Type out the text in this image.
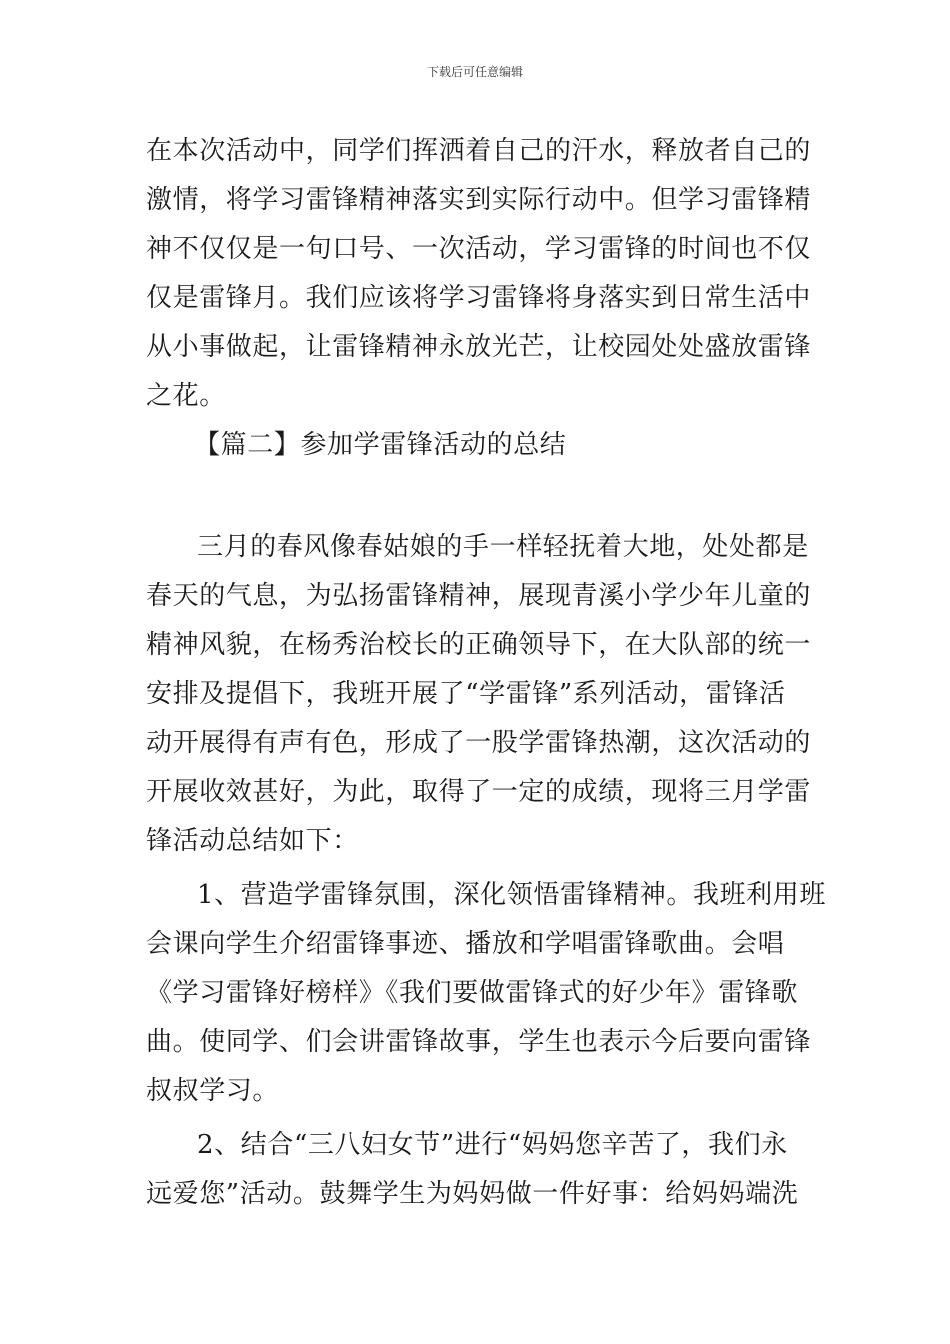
下载后可任意编辑
在本次活动中，同学们挥洒着自己的汗水，释放者自己的
激情，将学习雷锋精神落实到实际行动中。但学习雷锋精
神不仅仅是一句口号、一次活动，学习雷锋的时间也不仅
仅是雷锋月。我们应该将学习雷锋将身落实到日常生活中
从小事做起，让雷锋精神永放光芒，让校园处处盛放雷锋
之花。
【篇二】参加学雷锋活动的总结
三月的春风像春姑娘的手一样轻抚着大地，处处都是
春天的气息，为弘扬雷锋精神，展现青溪小学少年儿童的
精神风貌，在杨秀治校长的正确领导下，在大队部的统一
安排及提倡下，我班开展了“学雷锋”系列活动，雷锋活
动开展得有声有色，形成了一股学雷锋热潮，这次活动的
开展收效甚好，为此，取得了一定的成绩，现将三月学雷
锋活动总结如下：
1、营造学雷锋氛围，深化领悟雷锋精神。我班利用班
会课向学生介绍雷锋事迹、播放和学唱雷锋歌曲。会唱
《学习雷锋好榜样》《我们要做雷锋式的好少年》雷锋歌
曲。使同学、们会讲雷锋故事，学生也表示今后要向雷锋
叔叔学习。
2、结合“三八妇女节”进行“妈妈您辛苦了，我们永
远爱您”活动。鼓舞学生为妈妈做一件好事：给妈妈端洗
